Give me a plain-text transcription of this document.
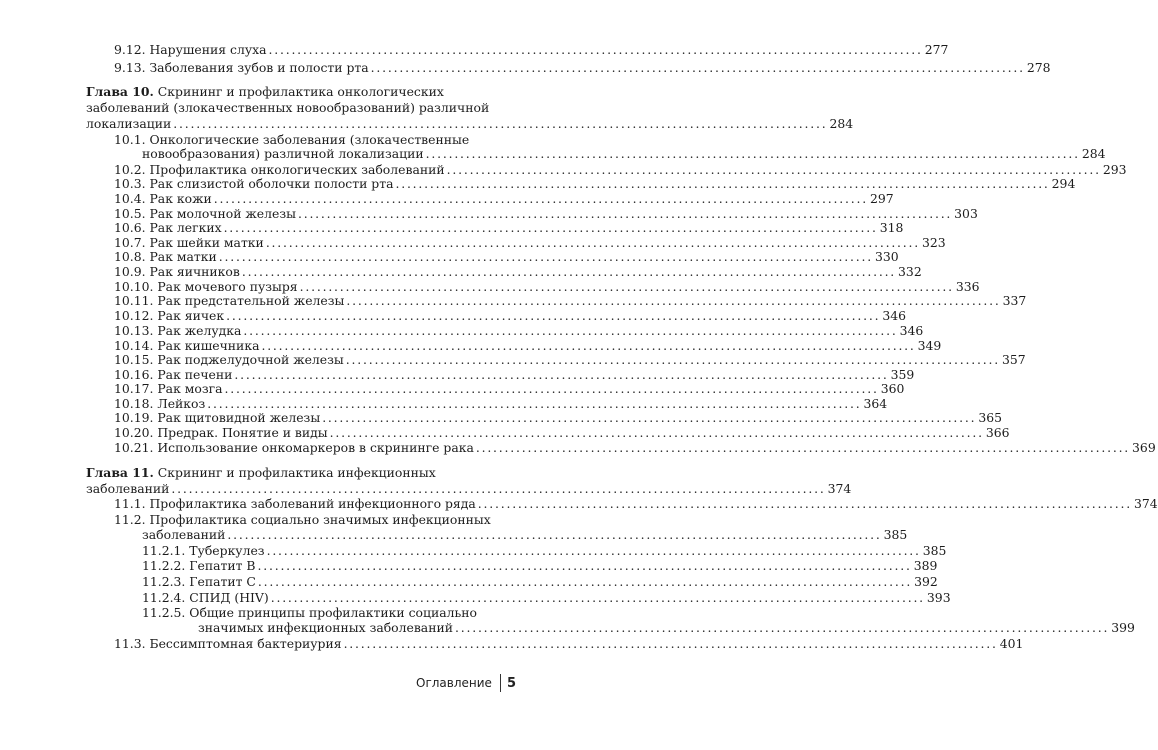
9.12. Нарушения слуха .................................................................................................................. 277
9.13. Заболевания зубов и полости рта .................................................................................................................. 278
Глава 10. Скрининг и профилактика онкологических
заболеваний (злокачественных новообразований) различной
локализации .................................................................................................................. 284
10.1. Онкологические заболевания (злокачественные
новообразования) различной локализации .................................................................................................................. 284
10.2. Профилактика онкологических заболеваний .................................................................................................................. 293
10.3. Рак слизистой оболочки полости рта .................................................................................................................. 294
10.4. Рак кожи .................................................................................................................. 297
10.5. Рак молочной железы .................................................................................................................. 303
10.6. Рак легких .................................................................................................................. 318
10.7. Рак шейки матки .................................................................................................................. 323
10.8. Рак матки .................................................................................................................. 330
10.9. Рак яичников .................................................................................................................. 332
10.10. Рак мочевого пузыря .................................................................................................................. 336
10.11. Рак предстательной железы .................................................................................................................. 337
10.12. Рак яичек .................................................................................................................. 346
10.13. Рак желудка .................................................................................................................. 346
10.14. Рак кишечника .................................................................................................................. 349
10.15. Рак поджелудочной железы .................................................................................................................. 357
10.16. Рак печени .................................................................................................................. 359
10.17. Рак мозга .................................................................................................................. 360
10.18. Лейкоз .................................................................................................................. 364
10.19. Рак щитовидной железы .................................................................................................................. 365
10.20. Предрак. Понятие и виды .................................................................................................................. 366
10.21. Использование онкомаркеров в скрининге рака .................................................................................................................. 369
Глава 11. Скрининг и профилактика инфекционных
заболеваний .................................................................................................................. 374
11.1. Профилактика заболеваний инфекционного ряда .................................................................................................................. 374
11.2. Профилактика социально значимых инфекционных
заболеваний .................................................................................................................. 385
11.2.1. Туберкулез .................................................................................................................. 385
11.2.2. Гепатит B .................................................................................................................. 389
11.2.3. Гепатит C .................................................................................................................. 392
11.2.4. СПИД (HIV) .................................................................................................................. 393
11.2.5. Общие принципы профилактики социально
значимых инфекционных заболеваний .................................................................................................................. 399
11.3. Бессимптомная бактериурия .................................................................................................................. 401
Оглавление 5
